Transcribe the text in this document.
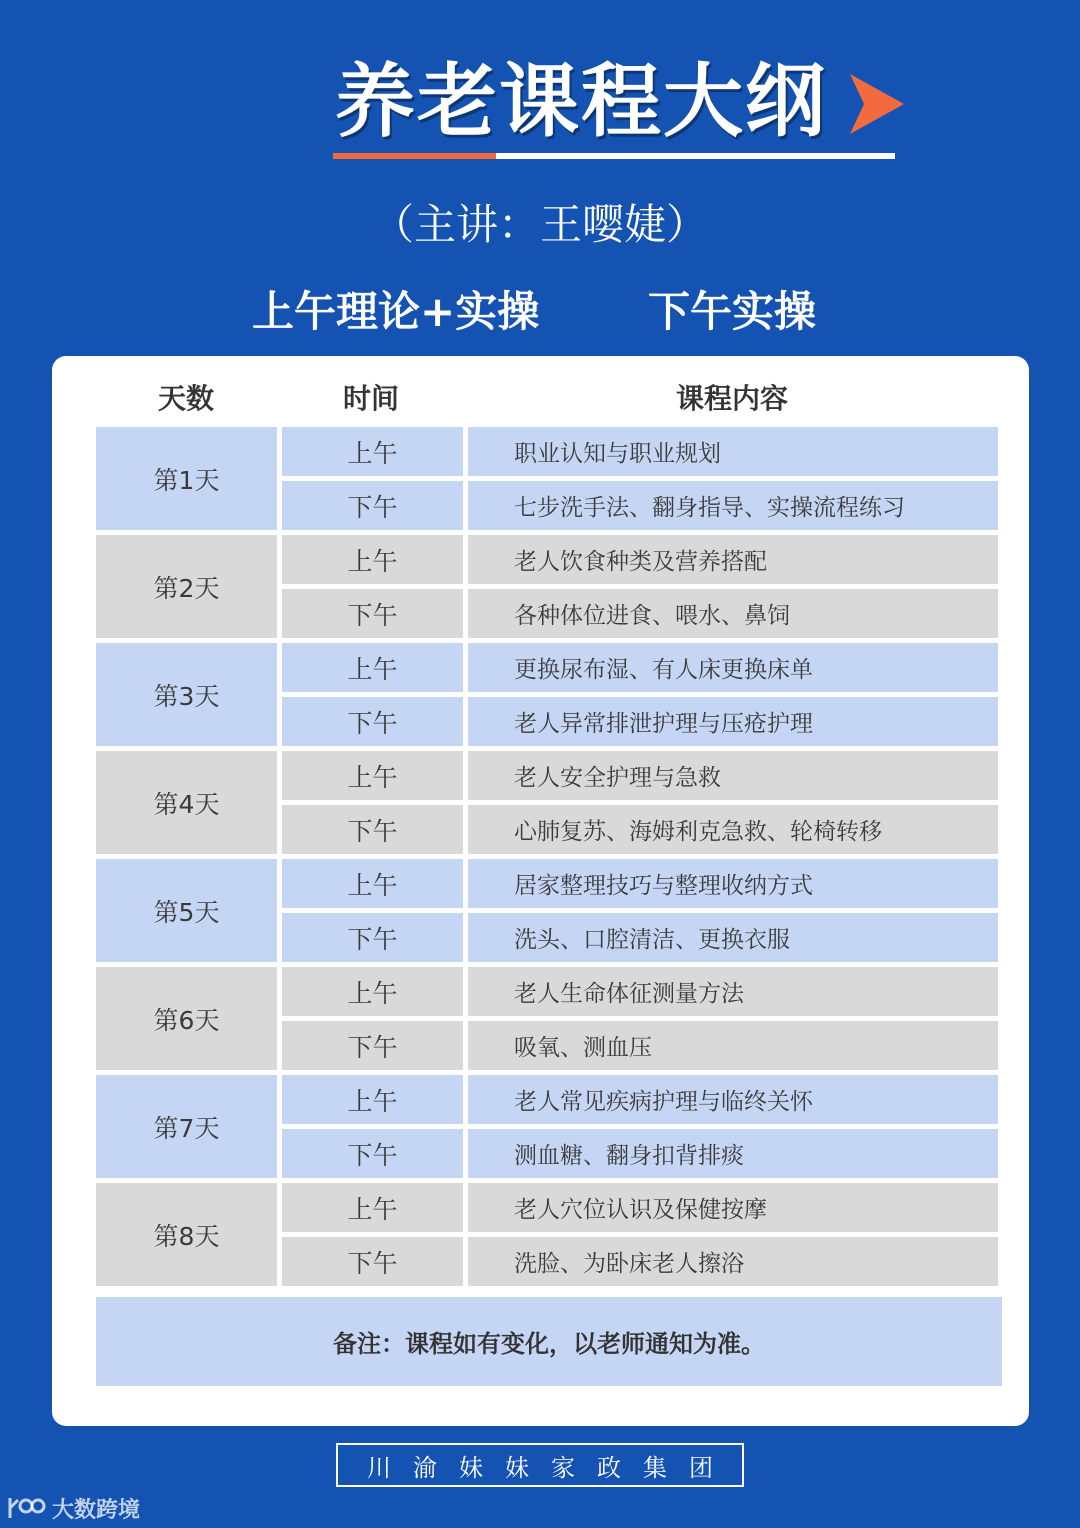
养老课程大纲
（主讲：王嘤婕）
上午理论+实操	下午实操
天数	时间	课程内容
第1天
上午	职业认知与职业规划
下午	七步洗手法、翻身指导、实操流程练习
第2天
上午	老人饮食种类及营养搭配
下午	各种体位进食、喂水、鼻饲
第3天
上午	更换尿布湿、有人床更换床单
下午	老人异常排泄护理与压疮护理
第4天
上午	老人安全护理与急救
下午	心肺复苏、海姆利克急救、轮椅转移
第5天
上午	居家整理技巧与整理收纳方式
下午	洗头、口腔清洁、更换衣服
第6天
上午	老人生命体征测量方法
下午	吸氧、测血压
第7天
上午	老人常见疾病护理与临终关怀
下午	测血糖、翻身扣背排痰
第8天
上午	老人穴位认识及保健按摩
下午	洗脸、为卧床老人擦浴
备注：课程如有变化，以老师通知为准。
川渝妹妹家政集团
大数跨境
